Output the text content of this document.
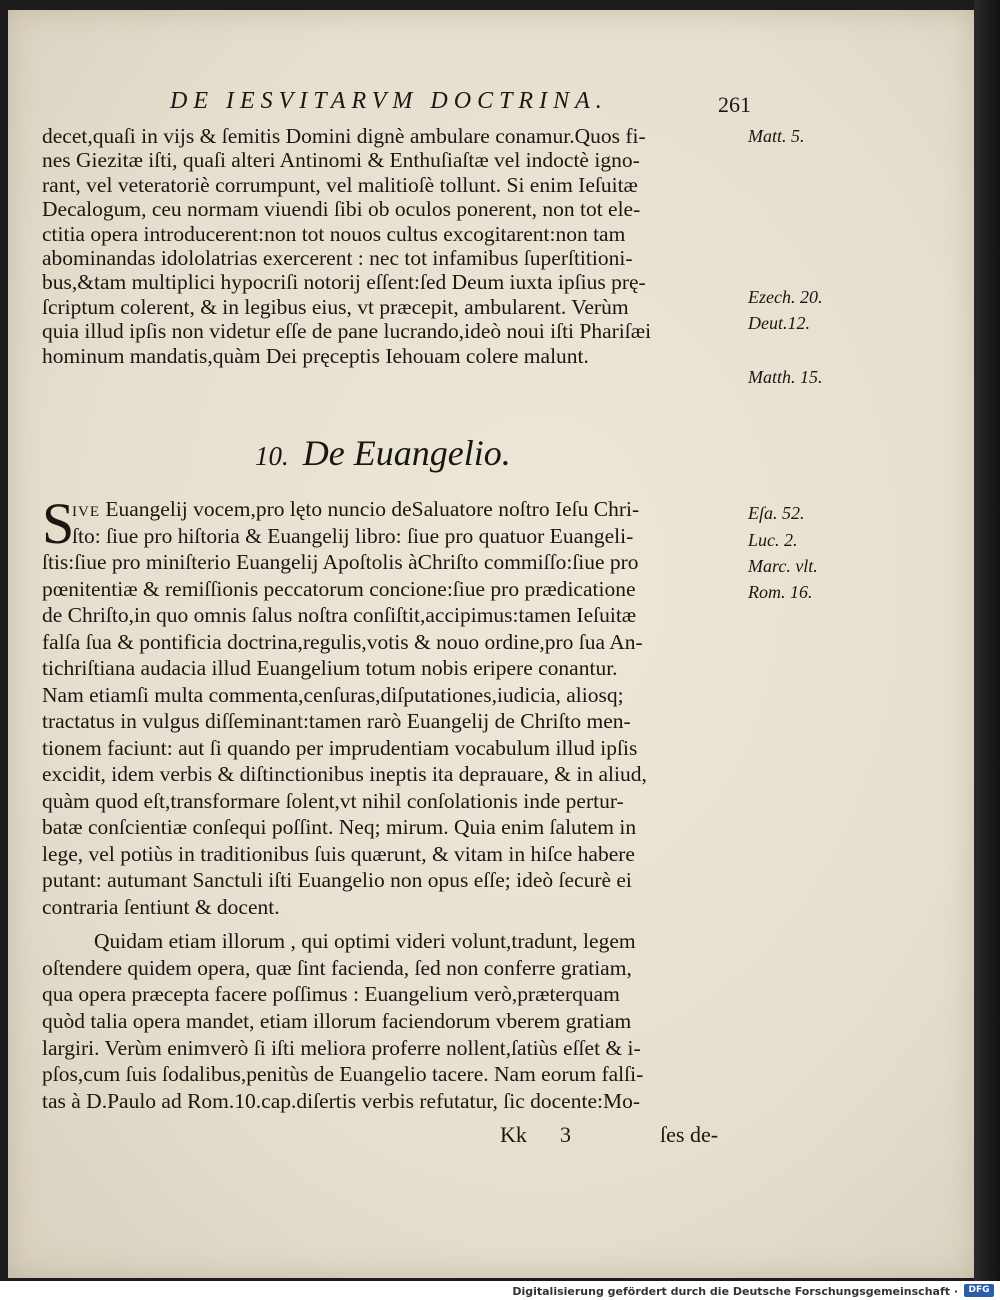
DE IESVITARVM DOCTRINA.	261
decet,quaſi in vijs & ſemitis Domini dignè ambulare conamur.Quos fi-
nes Giezitæ iſti, quaſi alteri Antinomi & Enthuſiaſtæ vel indoctè igno-
rant, vel veteratoriè corrumpunt, vel malitioſè tollunt. Si enim Ieſuitæ
Decalogum, ceu normam viuendi ſibi ob oculos ponerent, non tot ele-
ctitia opera introducerent:non tot nouos cultus excogitarent:non tam
abominandas idololatrias exercerent : nec tot infamibus ſuperſtitioni-
bus,&tam multiplici hypocriſi notorij eſſent:ſed Deum iuxta ipſius prę-
ſcriptum colerent, & in legibus eius, vt præcepit, ambularent. Verùm
quia illud ipſis non videtur eſſe de pane lucrando,ideò noui iſti Phariſæi
hominum mandatis,quàm Dei pręceptis Iehouam colere malunt.
Matt. 5.
Ezech. 20.
Deut.12.
Matth. 15.
10. De Euangelio.
S
IVE Euangelij vocem,pro lęto nuncio deSaluatore noſtro Ieſu Chri-
ſto: ſiue pro hiſtoria & Euangelij libro: ſiue pro quatuor Euangeli-
ſtis:ſiue pro miniſterio Euangelij Apoſtolis àChriſto commiſſo:ſiue pro
pœnitentiæ & remiſſionis peccatorum concione:ſiue pro prædicatione
de Chriſto,in quo omnis ſalus noſtra conſiſtit,accipimus:tamen Ieſuitæ
falſa ſua & pontificia doctrina,regulis,votis & nouo ordine,pro ſua An-
tichriſtiana audacia illud Euangelium totum nobis eripere conantur.
Nam etiamſi multa commenta,cenſuras,diſputationes,iudicia, aliosq;
tractatus in vulgus diſſeminant:tamen rarò Euangelij de Chriſto men-
tionem faciunt: aut ſi quando per imprudentiam vocabulum illud ipſis
excidit, idem verbis & diſtinctionibus ineptis ita deprauare, & in aliud,
quàm quod eſt,transformare ſolent,vt nihil conſolationis inde pertur-
batæ conſcientiæ conſequi poſſint. Neq; mirum. Quia enim ſalutem in
lege, vel potiùs in traditionibus ſuis quærunt, & vitam in hiſce habere
putant: autumant Sanctuli iſti Euangelio non opus eſſe; ideò ſecurè ei
contraria ſentiunt & docent.
Eſa. 52.
Luc. 2.
Marc. vlt.
Rom. 16.
Quidam etiam illorum , qui optimi videri volunt,tradunt, legem
oſtendere quidem opera, quæ ſint facienda, ſed non conferre gratiam,
qua opera præcepta facere poſſimus : Euangelium verò,præterquam
quòd talia opera mandet, etiam illorum faciendorum vberem gratiam
largiri. Verùm enimverò ſi iſti meliora proferre nollent,ſatiùs eſſet & i-
pſos,cum ſuis ſodalibus,penitùs de Euangelio tacere. Nam eorum falſi-
tas à D.Paulo ad Rom.10.cap.diſertis verbis refutatur, ſic docente:Mo-
Kk 3	ſes de-
Digitalisierung gefördert durch die Deutsche Forschungsgemeinschaft ·	DFG
